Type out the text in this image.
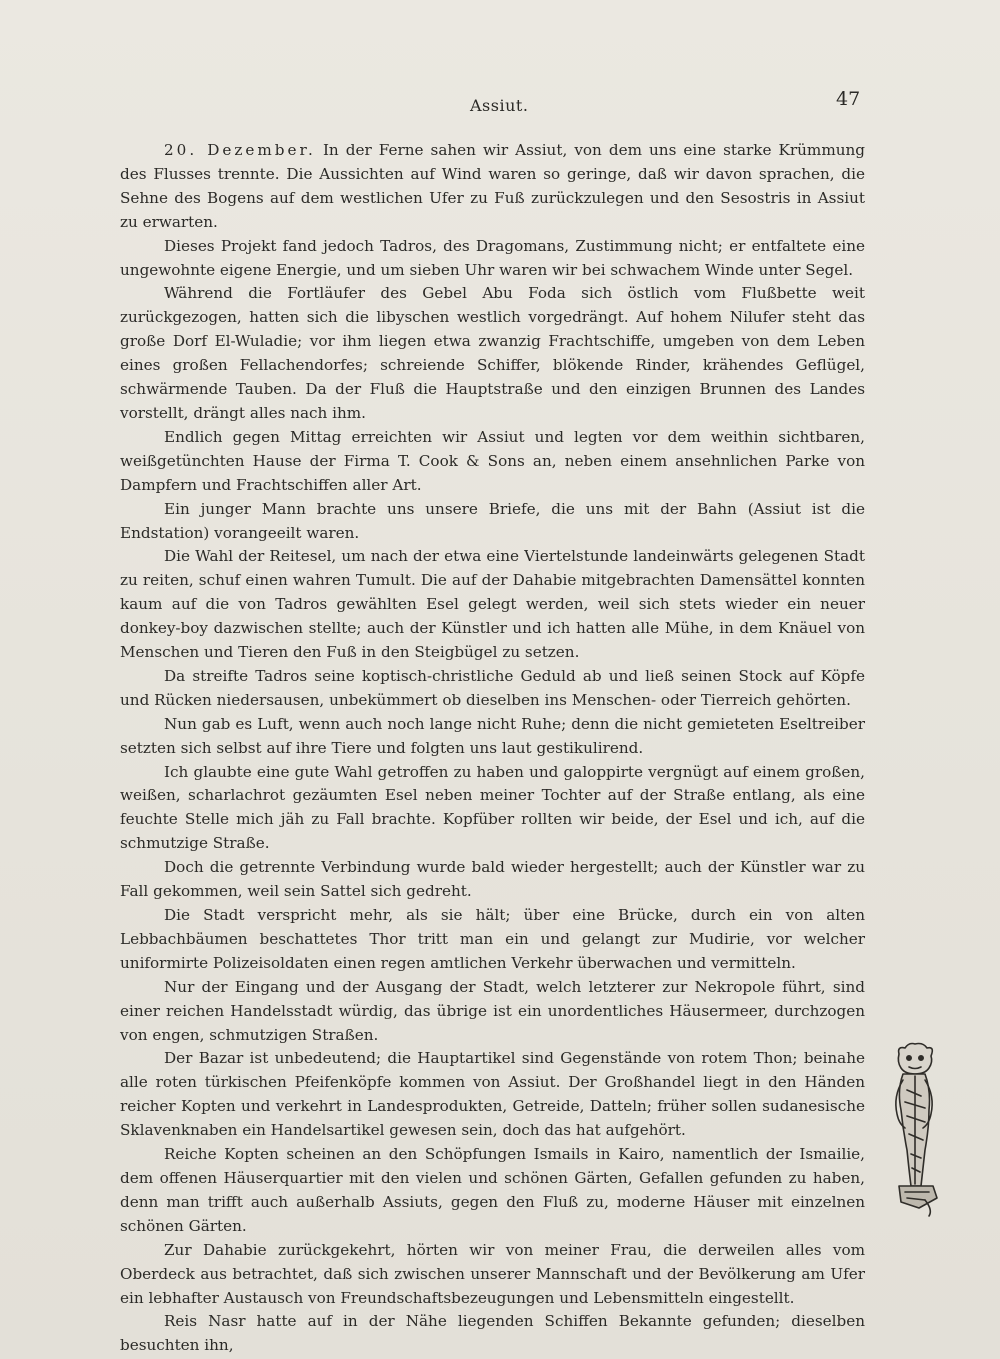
Assiut.	47

20. Dezember. In der Ferne sahen wir Assiut, von dem uns eine starke Krümmung des Flusses trennte. Die Aussichten auf Wind waren so geringe, daß wir davon sprachen, die Sehne des Bogens auf dem westlichen Ufer zu Fuß zurückzulegen und den Sesostris in Assiut zu erwarten.

Dieses Projekt fand jedoch Tadros, des Dragomans, Zustimmung nicht; er entfaltete eine ungewohnte eigene Energie, und um sieben Uhr waren wir bei schwachem Winde unter Segel.

Während die Fortläufer des Gebel Abu Foda sich östlich vom Flußbette weit zurückgezogen, hatten sich die libyschen westlich vorgedrängt. Auf hohem Nilufer steht das große Dorf El-Wuladie; vor ihm liegen etwa zwanzig Frachtschiffe, umgeben von dem Leben eines großen Fellachendorfes; schreiende Schiffer, blökende Rinder, krähendes Geflügel, schwärmende Tauben. Da der Fluß die Hauptstraße und den einzigen Brunnen des Landes vorstellt, drängt alles nach ihm.

Endlich gegen Mittag erreichten wir Assiut und legten vor dem weithin sichtbaren, weißgetünchten Hause der Firma T. Cook & Sons an, neben einem ansehnlichen Parke von Dampfern und Frachtschiffen aller Art.

Ein junger Mann brachte uns unsere Briefe, die uns mit der Bahn (Assiut ist die Endstation) vorangeeilt waren.

Die Wahl der Reitesel, um nach der etwa eine Viertelstunde landeinwärts gelegenen Stadt zu reiten, schuf einen wahren Tumult. Die auf der Dahabie mitgebrachten Damensättel konnten kaum auf die von Tadros gewählten Esel gelegt werden, weil sich stets wieder ein neuer donkey-boy dazwischen stellte; auch der Künstler und ich hatten alle Mühe, in dem Knäuel von Menschen und Tieren den Fuß in den Steigbügel zu setzen.

Da streifte Tadros seine koptisch-christliche Geduld ab und ließ seinen Stock auf Köpfe und Rücken niedersausen, unbekümmert ob dieselben ins Menschen- oder Tierreich gehörten.

Nun gab es Luft, wenn auch noch lange nicht Ruhe; denn die nicht gemieteten Eseltreiber setzten sich selbst auf ihre Tiere und folgten uns laut gestikulirend.

Ich glaubte eine gute Wahl getroffen zu haben und galoppirte vergnügt auf einem großen, weißen, scharlachrot gezäumten Esel neben meiner Tochter auf der Straße entlang, als eine feuchte Stelle mich jäh zu Fall brachte. Kopfüber rollten wir beide, der Esel und ich, auf die schmutzige Straße.

Doch die getrennte Verbindung wurde bald wieder hergestellt; auch der Künstler war zu Fall gekommen, weil sein Sattel sich gedreht.

Die Stadt verspricht mehr, als sie hält; über eine Brücke, durch ein von alten Lebbachbäumen beschattetes Thor tritt man ein und gelangt zur Mudirie, vor welcher uniformirte Polizeisoldaten einen regen amtlichen Verkehr überwachen und vermitteln.

Nur der Eingang und der Ausgang der Stadt, welch letzterer zur Nekropole führt, sind einer reichen Handelsstadt würdig, das übrige ist ein unordentliches Häusermeer, durchzogen von engen, schmutzigen Straßen.

Der Bazar ist unbedeutend; die Hauptartikel sind Gegenstände von rotem Thon; beinahe alle roten türkischen Pfeifenköpfe kommen von Assiut. Der Großhandel liegt in den Händen reicher Kopten und verkehrt in Landesprodukten, Getreide, Datteln; früher sollen sudanesische Sklavenknaben ein Handelsartikel gewesen sein, doch das hat aufgehört.

Reiche Kopten scheinen an den Schöpfungen Ismails in Kairo, namentlich der Ismailie, dem offenen Häuserquartier mit den vielen und schönen Gärten, Gefallen gefunden zu haben, denn man trifft auch außerhalb Assiuts, gegen den Fluß zu, moderne Häuser mit einzelnen schönen Gärten.

Zur Dahabie zurückgekehrt, hörten wir von meiner Frau, die derweilen alles vom Oberdeck aus betrachtet, daß sich zwischen unserer Mannschaft und der Bevölkerung am Ufer ein lebhafter Austausch von Freundschaftsbezeugungen und Lebensmitteln eingestellt.

Reis Nasr hatte auf in der Nähe liegenden Schiffen Bekannte gefunden; dieselben besuchten ihn,
